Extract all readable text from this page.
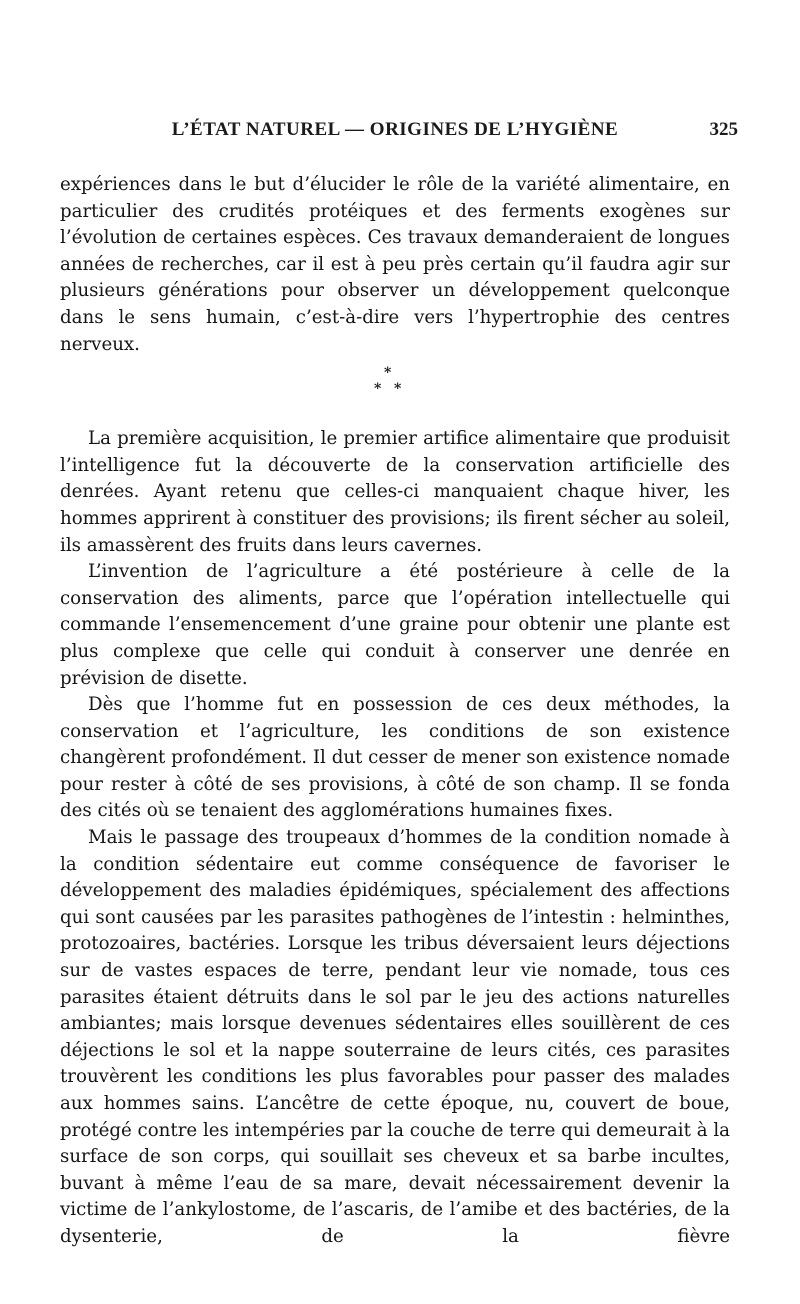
L’ÉTAT NATUREL — ORIGINES DE L’HYGIÈNE	325

expériences dans le but d’élucider le rôle de la variété alimentaire, en particulier des crudités protéiques et des ferments exogènes sur l’évolution de certaines espèces. Ces travaux demanderaient de longues années de recherches, car il est à peu près certain qu’il faudra agir sur plusieurs générations pour observer un développement quelconque dans le sens humain, c’est-à-dire vers l’hypertrophie des centres nerveux.

*
* *

La première acquisition, le premier artifice alimentaire que produisit l’intelligence fut la découverte de la conservation artificielle des denrées. Ayant retenu que celles-ci manquaient chaque hiver, les hommes apprirent à constituer des provisions; ils firent sécher au soleil, ils amassèrent des fruits dans leurs cavernes.

L’invention de l’agriculture a été postérieure à celle de la conservation des aliments, parce que l’opération intellectuelle qui commande l’ensemencement d’une graine pour obtenir une plante est plus complexe que celle qui conduit à conserver une denrée en prévision de disette.

Dès que l’homme fut en possession de ces deux méthodes, la conservation et l’agriculture, les conditions de son existence changèrent profondément. Il dut cesser de mener son existence nomade pour rester à côté de ses provisions, à côté de son champ. Il se fonda des cités où se tenaient des agglomérations humaines fixes.

Mais le passage des troupeaux d’hommes de la condition nomade à la condition sédentaire eut comme conséquence de favoriser le développement des maladies épidémiques, spécialement des affections qui sont causées par les parasites pathogènes de l’intestin : helminthes, protozoaires, bactéries. Lorsque les tribus déversaient leurs déjections sur de vastes espaces de terre, pendant leur vie nomade, tous ces parasites étaient détruits dans le sol par le jeu des actions naturelles ambiantes; mais lorsque devenues sédentaires elles souillèrent de ces déjections le sol et la nappe souterraine de leurs cités, ces parasites trouvèrent les conditions les plus favorables pour passer des malades aux hommes sains. L’ancêtre de cette époque, nu, couvert de boue, protégé contre les intempéries par la couche de terre qui demeurait à la surface de son corps, qui souillait ses cheveux et sa barbe incultes, buvant à même l’eau de sa mare, devait nécessairement devenir la victime de l’ankylostome, de l’ascaris, de l’amibe et des bactéries, de la dysenterie, de la fièvre
